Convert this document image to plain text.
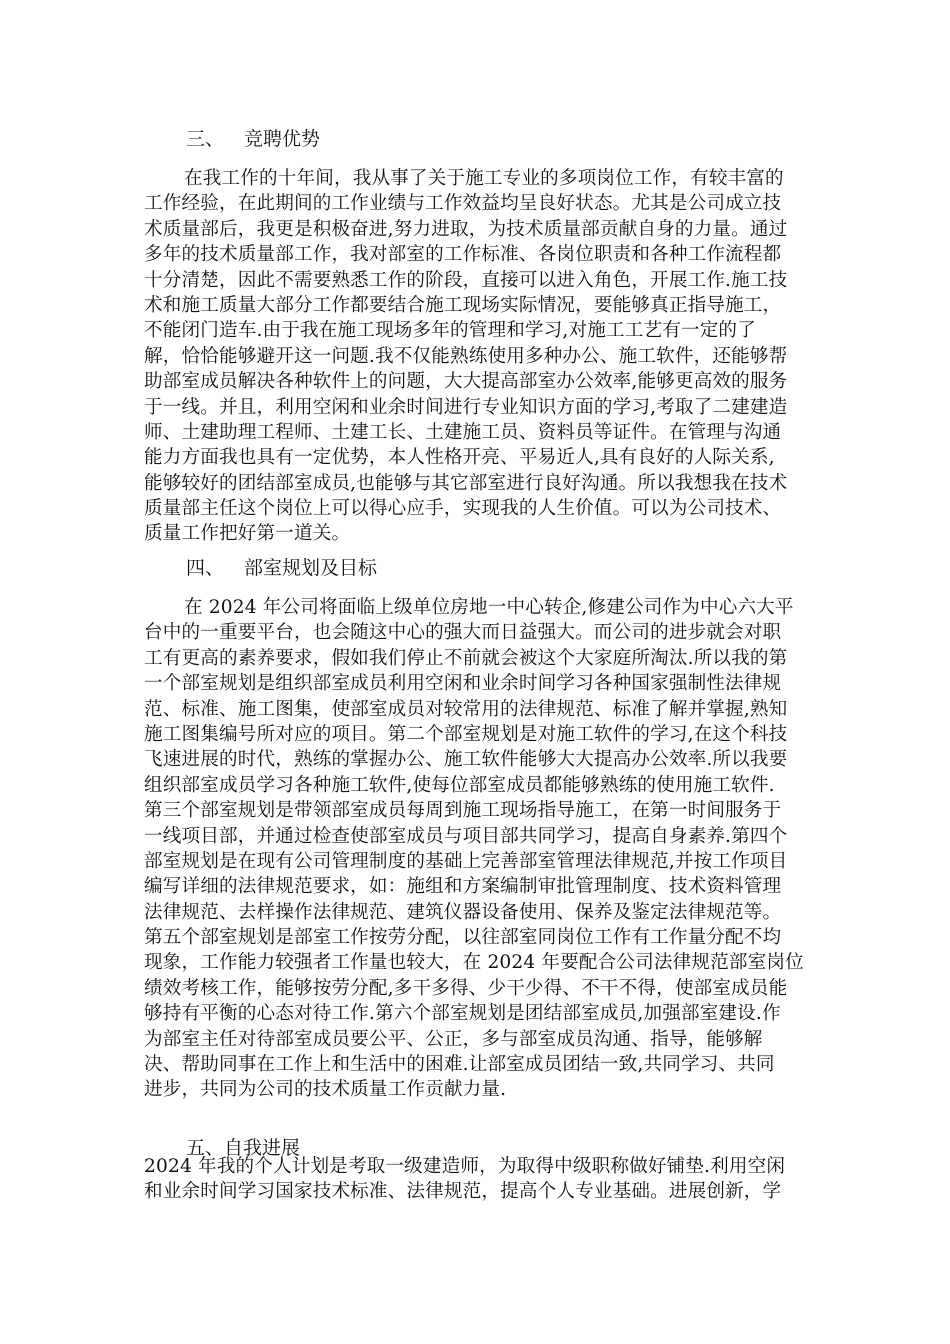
三、 竞聘优势
在我工作的十年间，我从事了关于施工专业的多项岗位工作，有较丰富的
工作经验，在此期间的工作业绩与工作效益均呈良好状态。尤其是公司成立技
术质量部后，我更是积极奋进,努力进取，为技术质量部贡献自身的力量。通过
多年的技术质量部工作，我对部室的工作标准、各岗位职责和各种工作流程都
十分清楚，因此不需要熟悉工作的阶段，直接可以进入角色，开展工作.施工技
术和施工质量大部分工作都要结合施工现场实际情况，要能够真正指导施工，
不能闭门造车.由于我在施工现场多年的管理和学习,对施工工艺有一定的了
解，恰恰能够避开这一问题.我不仅能熟练使用多种办公、施工软件，还能够帮
助部室成员解决各种软件上的问题，大大提高部室办公效率,能够更高效的服务
于一线。并且，利用空闲和业余时间进行专业知识方面的学习,考取了二建建造
师、土建助理工程师、土建工长、土建施工员、资料员等证件。在管理与沟通
能力方面我也具有一定优势，本人性格开亮、平易近人,具有良好的人际关系,
能够较好的团结部室成员,也能够与其它部室进行良好沟通。所以我想我在技术
质量部主任这个岗位上可以得心应手，实现我的人生价值。可以为公司技术、
质量工作把好第一道关。
四、 部室规划及目标
在 2024 年公司将面临上级单位房地一中心转企,修建公司作为中心六大平
台中的一重要平台，也会随这中心的强大而日益强大。而公司的进步就会对职
工有更高的素养要求，假如我们停止不前就会被这个大家庭所淘汰.所以我的第
一个部室规划是组织部室成员利用空闲和业余时间学习各种国家强制性法律规
范、标准、施工图集，使部室成员对较常用的法律规范、标准了解并掌握,熟知
施工图集编号所对应的项目。第二个部室规划是对施工软件的学习,在这个科技
飞速进展的时代，熟练的掌握办公、施工软件能够大大提高办公效率.所以我要
组织部室成员学习各种施工软件,使每位部室成员都能够熟练的使用施工软件.
第三个部室规划是带领部室成员每周到施工现场指导施工，在第一时间服务于
一线项目部，并通过检查使部室成员与项目部共同学习，提高自身素养.第四个
部室规划是在现有公司管理制度的基础上完善部室管理法律规范,并按工作项目
编写详细的法律规范要求，如：施组和方案编制审批管理制度、技术资料管理
法律规范、去样操作法律规范、建筑仪器设备使用、保养及鉴定法律规范等。
第五个部室规划是部室工作按劳分配，以往部室同岗位工作有工作量分配不均
现象，工作能力较强者工作量也较大，在 2024 年要配合公司法律规范部室岗位
绩效考核工作，能够按劳分配,多干多得、少干少得、不干不得，使部室成员能
够持有平衡的心态对待工作.第六个部室规划是团结部室成员,加强部室建设.作
为部室主任对待部室成员要公平、公正，多与部室成员沟通、指导，能够解
决、帮助同事在工作上和生活中的困难.让部室成员团结一致,共同学习、共同
进步，共同为公司的技术质量工作贡献力量.
五、自我进展
2024 年我的个人计划是考取一级建造师，为取得中级职称做好铺垫.利用空闲
和业余时间学习国家技术标准、法律规范，提高个人专业基础。进展创新，学
